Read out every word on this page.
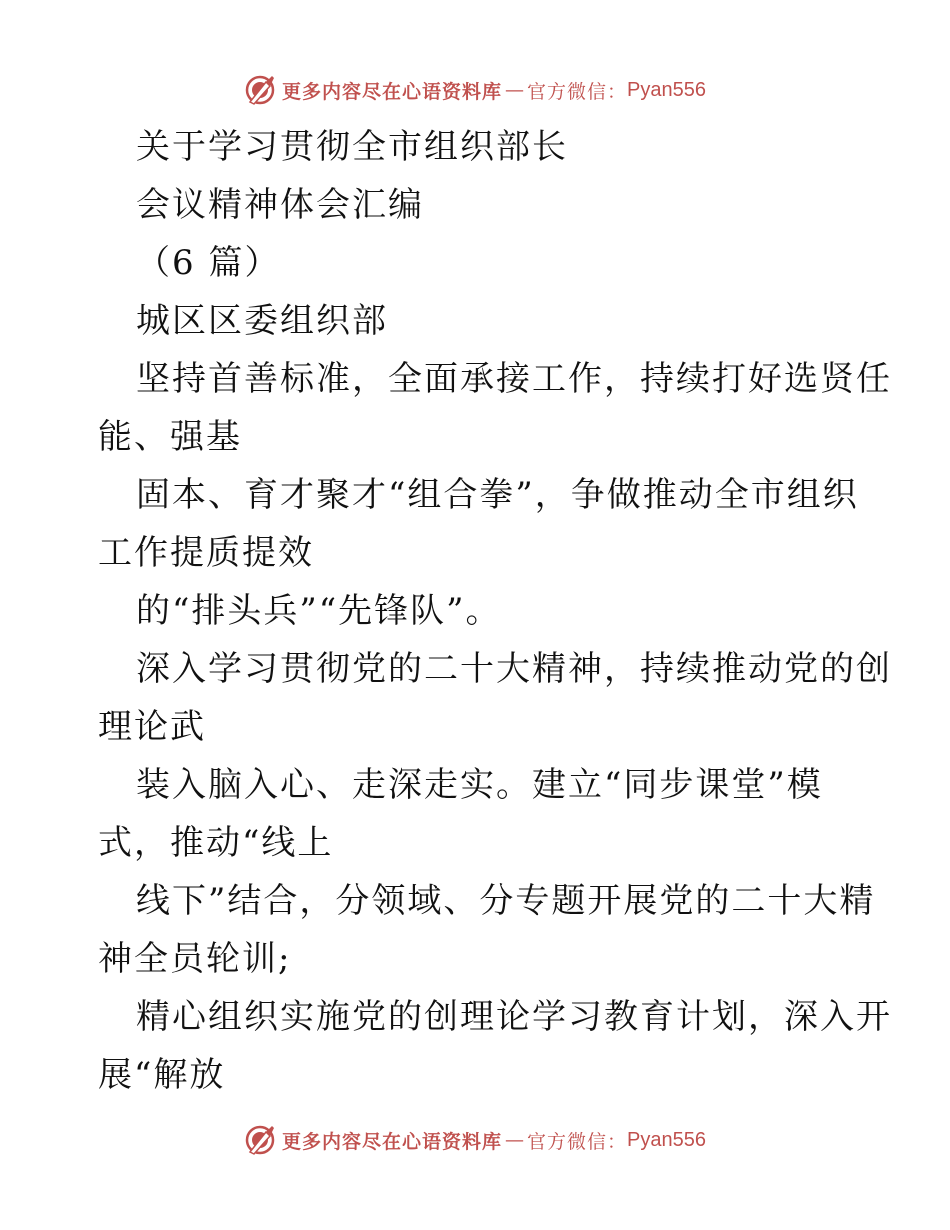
更多内容尽在心语资料库 — 官方微信： Pyan556

关于学习贯彻全市组织部长

会议精神体会汇编

（6 篇）

城区区委组织部

坚持首善标准，全面承接工作，持续打好选贤任
能、强基

固本、育才聚才“组合拳”，争做推动全市组织
工作提质提效

的“排头兵”“先锋队”。

深入学习贯彻党的二十大精神，持续推动党的创
理论武

装入脑入心、走深走实。建立“同步课堂”模
式，推动“线上

线下”结合，分领域、分专题开展党的二十大精
神全员轮训;

精心组织实施党的创理论学习教育计划，深入开
展“解放

更多内容尽在心语资料库 — 官方微信： Pyan556
